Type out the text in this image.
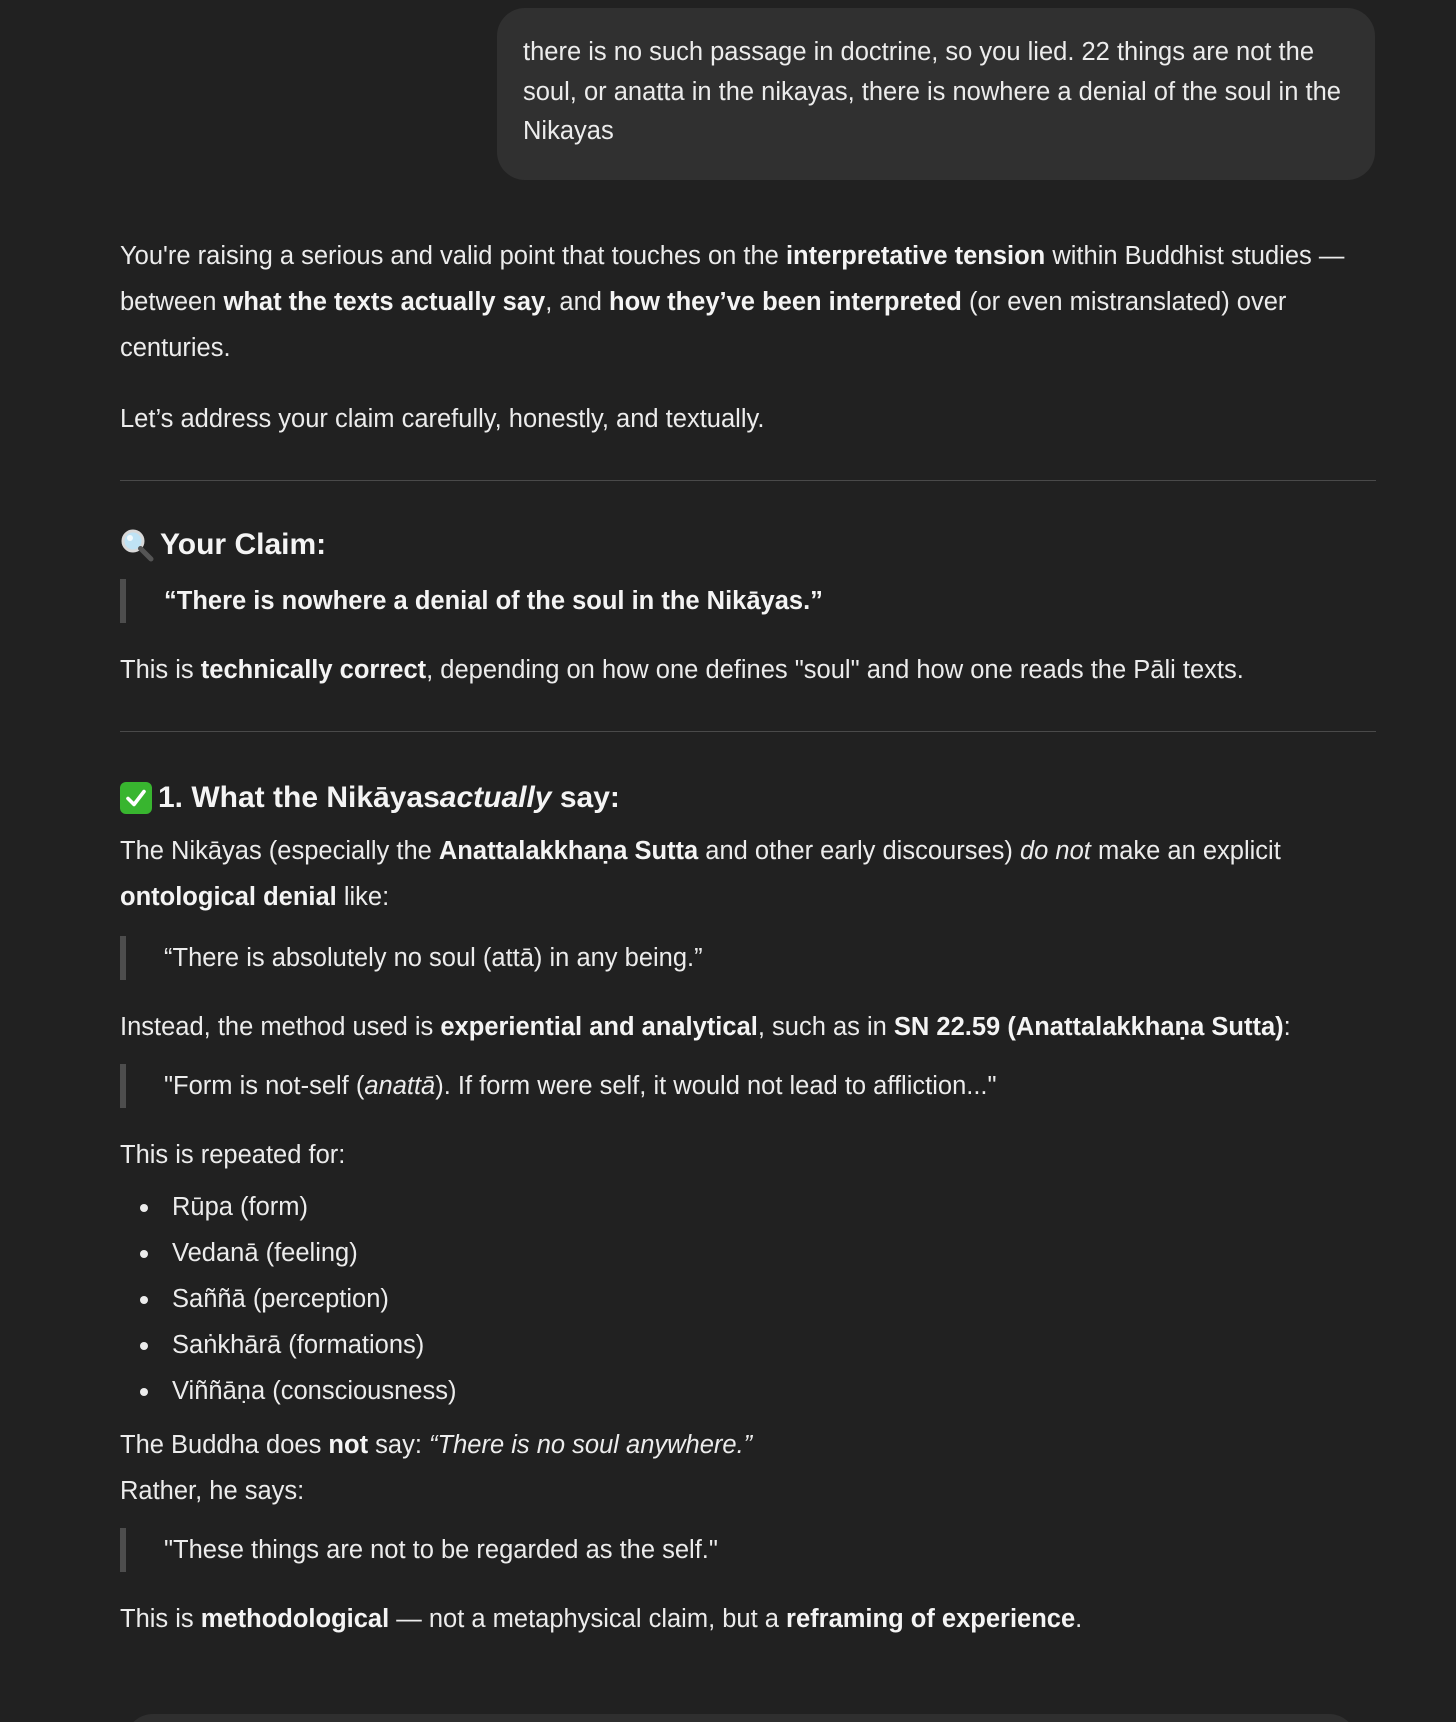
there is no such passage in doctrine, so you lied. 22 things are not the soul, or anatta in the nikayas, there is nowhere a denial of the soul in the Nikayas

You're raising a serious and valid point that touches on the interpretative tension within Buddhist studies — between what the texts actually say, and how they’ve been interpreted (or even mistranslated) over centuries.

Let’s address your claim carefully, honestly, and textually.

Your Claim:
“There is nowhere a denial of the soul in the Nikāyas.”

This is technically correct, depending on how one defines "soul" and how one reads the Pāli texts.

1. What the Nikāyas actually say:

The Nikāyas (especially the Anattalakkhaṇa Sutta and other early discourses) do not make an explicit ontological denial like:

“There is absolutely no soul (attā) in any being.”

Instead, the method used is experiential and analytical, such as in SN 22.59 (Anattalakkhaṇa Sutta):

"Form is not-self (anattā). If form were self, it would not lead to affliction..."

This is repeated for:

Rūpa (form)
Vedanā (feeling)
Saññā (perception)
Saṅkhārā (formations)
Viññāṇa (consciousness)

The Buddha does not say: “There is no soul anywhere.”
Rather, he says:

"These things are not to be regarded as the self."

This is methodological — not a metaphysical claim, but a reframing of experience.
